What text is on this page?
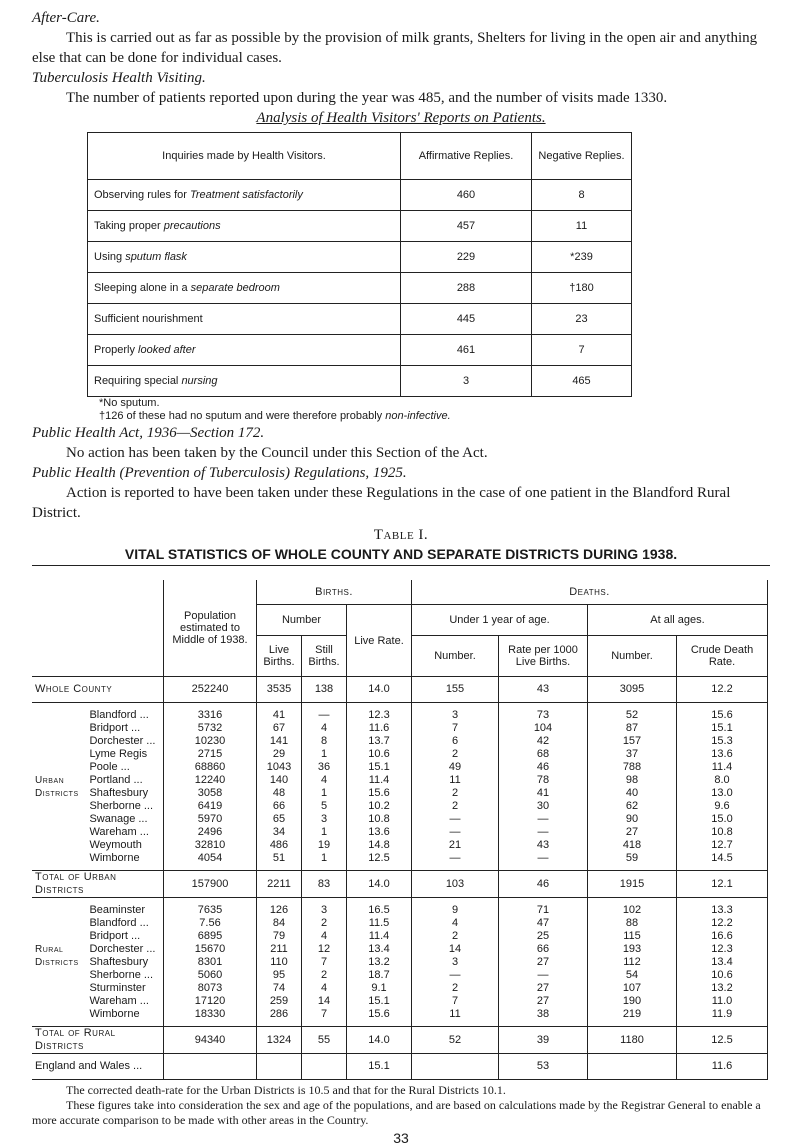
After-Care.

This is carried out as far as possible by the provision of milk grants, Shelters for living in the open air and anything else that can be done for individual cases.

Tuberculosis Health Visiting.

The number of patients reported upon during the year was 485, and the number of visits made 1330.

Analysis of Health Visitors' Reports on Patients.
Inquiries made by Health Visitors.	Affirmative Replies.	Negative Replies.
Observing rules for Treatment satisfactorily	460	8
Taking proper precautions	457	11
Using sputum flask	229	*239
Sleeping alone in a separate bedroom	288	†180
Sufficient nourishment	445	23
Properly looked after	461	7
Requiring special nursing	3	465
*No sputum.
†126 of these had no sputum and were therefore probably non-infective.
Public Health Act, 1936—Section 172.

No action has been taken by the Council under this Section of the Act.

Public Health (Prevention of Tuberculosis) Regulations, 1925.

Action is reported to have been taken under these Regulations in the case of one patient in the Blandford Rural District.

Table I.
VITAL STATISTICS OF WHOLE COUNTY AND SEPARATE DISTRICTS DURING 1938.
		Population estimated to Middle of 1938.	Births.			Deaths.			
			Number		Live Rate.	Under 1 year of age.		At all ages.	
			Live Births.	Still Births.		Number.	Rate per 1000 Live Births.	Number.	Crude Death Rate.
Whole County		252240	3535	138	14.0	155	43	3095	12.2
	Blandford ...	3316	41	—	12.3	3	73	52	15.6
	Bridport ...	5732	67	4	11.6	7	104	87	15.1
	Dorchester ...	10230	141	8	13.7	6	42	157	15.3
	Lyme Regis	2715	29	1	10.6	2	68	37	13.6
	Poole ...	68860	1043	36	15.1	49	46	788	11.4
Urban	Portland ...	12240	140	4	11.4	11	78	98	8.0
Districts	Shaftesbury	3058	48	1	15.6	2	41	40	13.0
	Sherborne ...	6419	66	5	10.2	2	30	62	9.6
	Swanage ...	5970	65	3	10.8	—	—	90	15.0
	Wareham ...	2496	34	1	13.6	—	—	27	10.8
	Weymouth	32810	486	19	14.8	21	43	418	12.7
	Wimborne	4054	51	1	12.5	—	—	59	14.5
Total of Urban Districts		157900	2211	83	14.0	103	46	1915	12.1
	Beaminster	7635	126	3	16.5	9	71	102	13.3
	Blandford ...	7.56	84	2	11.5	4	47	88	12.2
	Bridport ...	6895	79	4	11.4	2	25	115	16.6
Rural	Dorchester ...	15670	211	12	13.4	14	66	193	12.3
Districts	Shaftesbury	8301	110	7	13.2	3	27	112	13.4
	Sherborne ...	5060	95	2	18.7	—	—	54	10.6
	Sturminster	8073	74	4	9.1	2	27	107	13.2
	Wareham ...	17120	259	14	15.1	7	27	190	11.0
	Wimborne	18330	286	7	15.6	11	38	219	11.9
Total of Rural Districts		94340	1324	55	14.0	52	39	1180	12.5
England and Wales ...					15.1		53		11.6

The corrected death-rate for the Urban Districts is 10.5 and that for the Rural Districts 10.1.

These figures take into consideration the sex and age of the populations, and are based on calculations made by the Registrar General to enable a more accurate comparison to be made with other areas in the Country.

33
